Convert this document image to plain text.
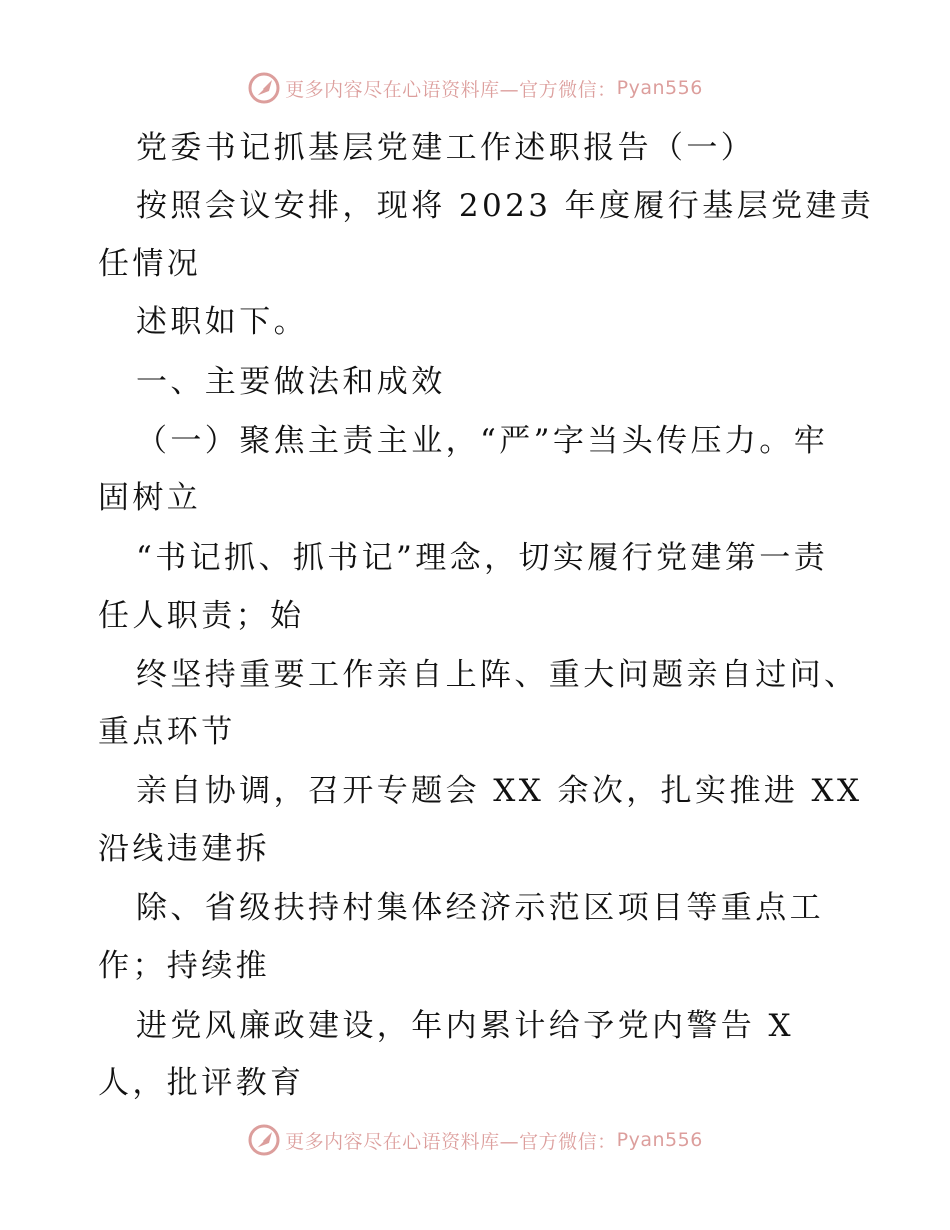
更多内容尽在心语资料库—官方微信： Pyan556
党委书记抓基层党建工作述职报告（一）
按照会议安排，现将 2023 年度履行基层党建责
任情况
述职如下。
一、主要做法和成效
（一）聚焦主责主业，“严”字当头传压力。牢
固树立
“书记抓、抓书记”理念，切实履行党建第一责
任人职责；始
终坚持重要工作亲自上阵、重大问题亲自过问、
重点环节
亲自协调，召开专题会 XX 余次，扎实推进 XX
沿线违建拆
除、省级扶持村集体经济示范区项目等重点工
作；持续推
进党风廉政建设，年内累计给予党内警告 X
人，批评教育
更多内容尽在心语资料库—官方微信： Pyan556
